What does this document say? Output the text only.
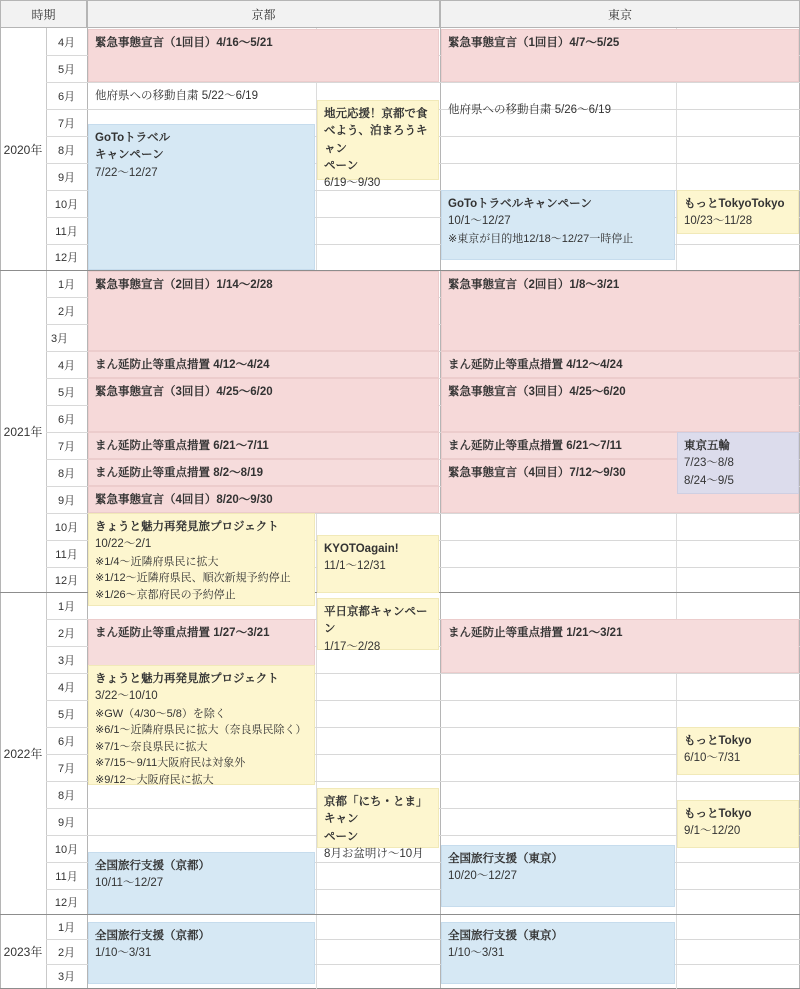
時期	京都	東京
2020年
2021年
2022年
2023年
4月
5月
6月
7月
8月
9月
10月
11月
12月
1月
2月
3月
4月
5月
6月
7月
8月
9月
10月
11月
12月
1月
2月
3月
4月
5月
6月
7月
8月
9月
10月
11月
12月
1月
2月
3月
緊急事態宣言（1回目）4/16〜5/21
他府県への移動自粛 5/22〜6/19
GoToトラベル
キャンペーン
7/22〜12/27
地元応援！京都で食
べよう、泊まろうキャン
ペーン
6/19〜9/30
緊急事態宣言（2回目）1/14〜2/28
まん延防止等重点措置 4/12〜4/24
緊急事態宣言（3回目）4/25〜6/20
まん延防止等重点措置 6/21〜7/11
まん延防止等重点措置 8/2〜8/19
緊急事態宣言（4回目）8/20〜9/30
きょうと魅力再発見旅プロジェクト
10/22〜2/1
※1/4〜近隣府県民に拡大
※1/12〜近隣府県民、順次新規予約停止
※1/26〜京都府民の予約停止
KYOTOagain!
11/1〜12/31
平日京都キャンペーン
1/17〜2/28
まん延防止等重点措置 1/27〜3/21
きょうと魅力再発見旅プロジェクト
3/22〜10/10
※GW（4/30〜5/8）を除く
※6/1〜近隣府県民に拡大（奈良県民除く）
※7/1〜奈良県民に拡大
※7/15〜9/11大阪府民は対象外
※9/12〜大阪府民に拡大
京都「にち・とま」キャン
ペーン
8月お盆明け〜10月
全国旅行支援（京都）
10/11〜12/27
全国旅行支援（京都）
1/10〜3/31
緊急事態宣言（1回目）4/7〜5/25
他府県への移動自粛 5/26〜6/19
GoToトラベルキャンペーン
10/1〜12/27
※東京が目的地12/18〜12/27一時停止
もっとTokyoTokyo
10/23〜11/28
緊急事態宣言（2回目）1/8〜3/21
まん延防止等重点措置 4/12〜4/24
緊急事態宣言（3回目）4/25〜6/20
まん延防止等重点措置 6/21〜7/11
緊急事態宣言（4回目）7/12〜9/30
東京五輪
7/23〜8/8
8/24〜9/5
まん延防止等重点措置 1/21〜3/21
もっとTokyo
6/10〜7/31
もっとTokyo
9/1〜12/20
全国旅行支援（東京）
10/20〜12/27
全国旅行支援（東京）
1/10〜3/31
